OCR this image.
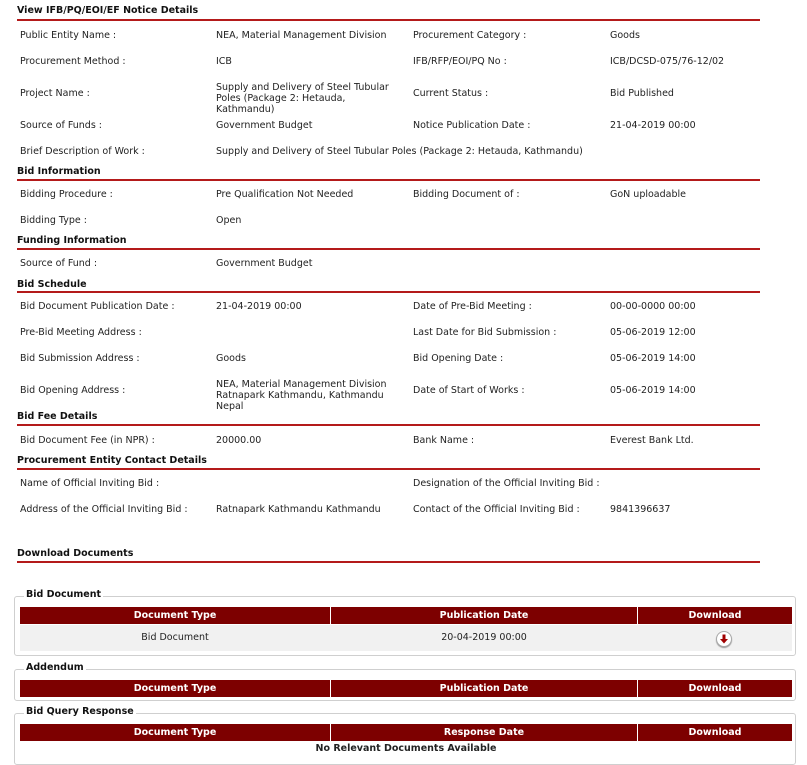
View IFB/PQ/EOI/EF Notice Details
Public Entity Name :	NEA, Material Management Division	Procurement Category :	Goods
Procurement Method :	ICB	IFB/RFP/EOI/PQ No :	ICB/DCSD-075/76-12/02
Project Name :
Supply and Delivery of Steel Tubular Poles (Package 2: Hetauda, Kathmandu)
Current Status :	Bid Published
Source of Funds :	Government Budget	Notice Publication Date :	21-04-2019 00:00
Brief Description of Work :	Supply and Delivery of Steel Tubular Poles (Package 2: Hetauda, Kathmandu)
Bid Information
Bidding Procedure :	Pre Qualification Not Needed	Bidding Document of :	GoN uploadable
Bidding Type :	Open
Funding Information
Source of Fund :	Government Budget
Bid Schedule
Bid Document Publication Date :	21-04-2019 00:00	Date of Pre-Bid Meeting :	00-00-0000 00:00
Pre-Bid Meeting Address :	Last Date for Bid Submission :	05-06-2019 12:00
Bid Submission Address :	Goods	Bid Opening Date :	05-06-2019 14:00
Bid Opening Address :
NEA, Material Management Division Ratnapark Kathmandu, Kathmandu Nepal
Date of Start of Works :	05-06-2019 14:00
Bid Fee Details
Bid Document Fee (in NPR) :	20000.00	Bank Name :	Everest Bank Ltd.
Procurement Entity Contact Details
Name of Official Inviting Bid :	Designation of the Official Inviting Bid :
Address of the Official Inviting Bid :	Ratnapark Kathmandu Kathmandu	Contact of the Official Inviting Bid :	9841396637
Download Documents
Bid Document
Document Type	Publication Date	Download
Bid Document	20-04-2019 00:00
Addendum
Document Type	Publication Date	Download
Bid Query Response
Document Type	Response Date	Download
No Relevant Documents Available
